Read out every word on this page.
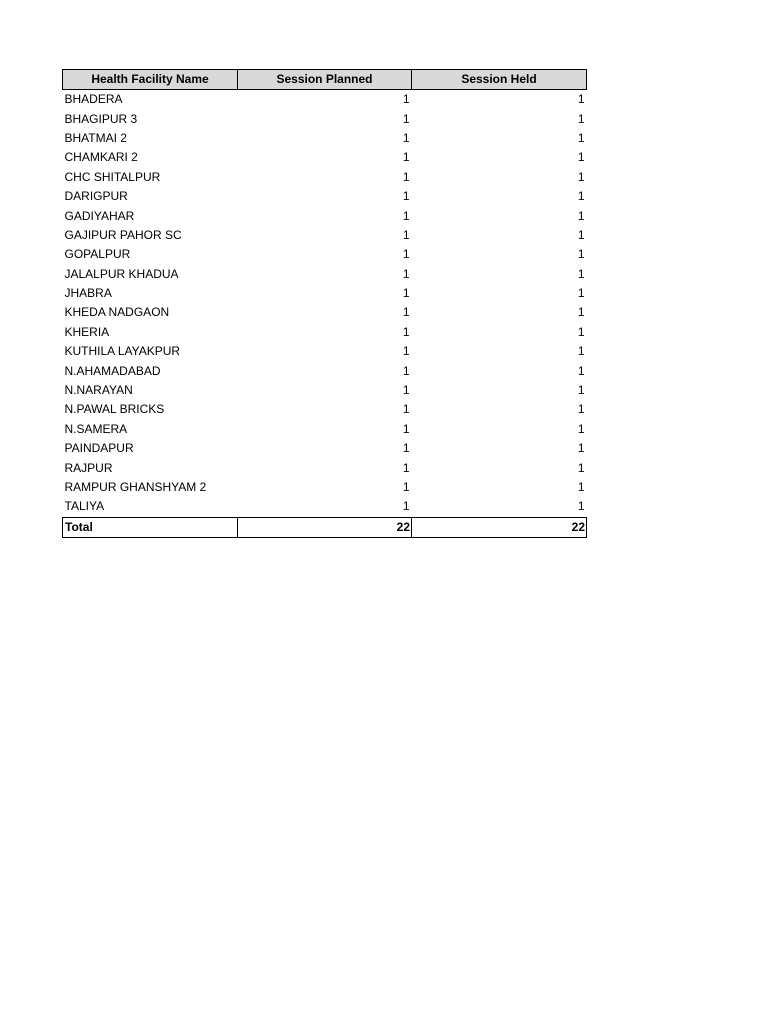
Health Facility Name	Session Planned	Session Held
BHADERA	1	1
BHAGIPUR 3	1	1
BHATMAI 2	1	1
CHAMKARI 2	1	1
CHC SHITALPUR	1	1
DARIGPUR	1	1
GADIYAHAR	1	1
GAJIPUR PAHOR SC	1	1
GOPALPUR	1	1
JALALPUR KHADUA	1	1
JHABRA	1	1
KHEDA NADGAON	1	1
KHERIA	1	1
KUTHILA LAYAKPUR	1	1
N.AHAMADABAD	1	1
N.NARAYAN	1	1
N.PAWAL BRICKS	1	1
N.SAMERA	1	1
PAINDAPUR	1	1
RAJPUR	1	1
RAMPUR GHANSHYAM 2	1	1
TALIYA	1	1
Total	22	22
